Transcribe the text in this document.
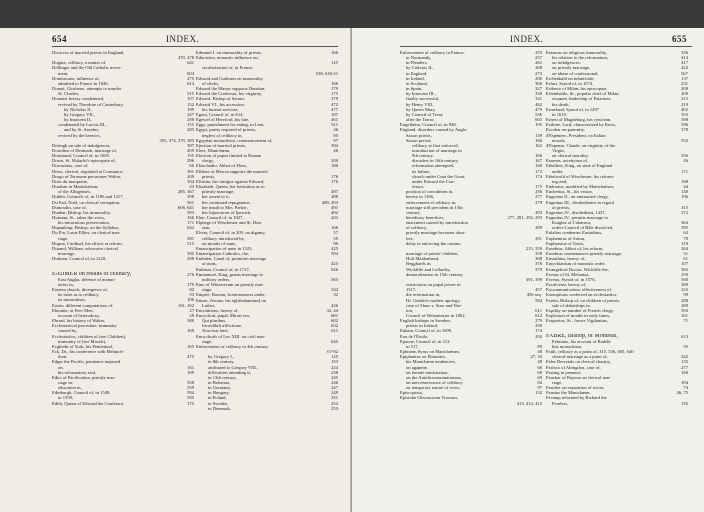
654	INDEX.
Divorces of married priests in England,
470, 478
Dogma, celibacy, a matter of,	641
Döllinger and the Old Catholic move-
ment,	604
Dominicans, influence of,	275
admitted to France in 1840,	614
Donati, Girolamo, attempts to murder
St. Charles,	515
Donatist heresy condemned,	107
revived by Theodore of Canterbury,	152
by Nicholas II.,	199
by Gregory VII.,	247
by Innocent II.,	298
condemned by Lucius III.,	155
and by St. Anselm,	283
revived by the heretics,
355, 374, 379, 383
Döringk on sale of indulgences,	397
Dorothea of Denmark, marriage of,	459
Dortmund, Council of, in 1005,	155
Down, St. Malachi's episcopate of,	296
Dracontius, case of,	66
Dress, clerical, regulated at Constance,	391
Drogo of Terouane persecutes Walter,	209
Droit du marquette,	354
Dualism in Manichæism,	43
of the Albigenses,	285, 367
Dublin, Councils of, in 1186 and 1217,	298
Du Fail, Noël, on clerical corruption,	561
Dumoulin, case of,	606, 641
Dunbar, Bishop, his immorality,	593
Dunstan, St., takes the vows,	166
his miraculous preservation,	171
Dupanloup, Bishop, on the Syllabus,	642
Du Pin, Louis Ellies, on clerical mar-
riage,	581
Duprat, Cardinal, his efforts at reform,	515
Durand, William, advocates clerical
marriage,	395
Durham, Council of, in 1220,	298
EADMER on results of celibacy,	276
East Anglia, defence of monas-
teries in,	179
Eastern church, divergence of,	82
its rules as to celibacy,	93
its monachism,	106
Easter, different computations of,	161, 162
Ebionite, or Peer Men,	27
account of heterodoxy,	28
Ebrard, his history of Walter,	380
Ecclesiastical procedure, immunity
caused by,	160
Ecclesiastics, children of (see Children),
immunity of (see Morals),
Ecgberht of York, his Penitential,	165
Eck, Dr., his conference with Melanch-
thon,	475
Edgar the Pacific, penitence imposed
on,	161
his reformatory zeal,	169
Edict of Pacification, priestly mar-
riage in,	558
education in,	559
Edinburgh, Council of, in 1549,	594
in 1559,	595
Edith, Queen of Edward the Confessor,	175
Edmund I. on immorality of priests,	166
Education, monastic influence on,
125
secularization of, in France,
538, 616-21
Edward and Guthrum on immorality
of clerks,	166
Edward the Martyr supports Dunstan,	179
Edward the Confessor, his virginity,	175
Edward, Bishop of Sarum,	379
Edward VI., his accession,	472
his funeral services,	477
Egara, Council of, in 614,	107
Egewel of Hereford, his fate,	461
Eggs, punishment for eating, in Lent,	511
Egypt, purity required of priests,	36
neglect of celibacy in,	85
Egyptian monachism, commencement of,	97
Ejection of married priests,	394
Elect, Manichæan,	46
Election of popes limited to Roman
clergy,	200
Eleuchadio, Abbot of Fleur,	180
Elfhere of Mercia supports the married
priests,	176
Elfritha, her intrigue against Edward,	176
Elizabeth, Queen, her hesitation as to
priestly marriage,	487
her assent to it,	488
her continued repugnance,	489, 493
her insult to Mrs. Parker,	491
her Injunctions of Ipswich,	492
Elne, Council of, in 1027,	203
Elphege of Winchester and St. Dun-
stan,	166
Elvira, Council of, in 305, on digamy,	57
celibacy introduced by,	59
on morals of nuns,	99
Emancipation of nuns in 1523,	425
Emancipation Catholics, the,	594
Embden, Canal of, promotes marriage
of nuns,	425
Embrun, Council of, in 1727,	626
Emmanuel, King, grants marriage to
military orders,	365
Emo of Wittewerum on priestly mar-
riage,	334
Empire, Roman, licentiousness under,	32
Emser, Jerome, his ep[ithalamium] on
Luther,	426
Encratitions, heresy of,	32, 44
Encyclical, papal, Mirari vos,	601
Qui pluribus,	602
Incredibili afflictione,	632
Noscisus latet,	611
Encyclicals of Leo XIII. on civil mar-
riage,	645
Enforcement of celibacy in 4th century,
67-82
by Gregory I.,	125
in 8th century,	153
attributed to Gregory VIII.,	224
difficulties attending it,	238
in 13th century,	245
in Bohemia,	246
in Germany,	247
in Hungary,	249
in Poland,	251
in Sweden,	252
in Denmark,	253
INDEX.	655
Enforcement of celibacy in France,	255
in Normandy,	257
in Flanders,	261
by Calixtus II.,	268
in England,	273
in Ireland,	296
in Scotland,	300
in Spain,	327
by Innocent III.,	330
finally successful,	331
by Henry VIII.,	462
by Queen Mary,	479
by Council of Trent,	536
after the Terror,	603
Engelheim, Council of, in 948,	195
England, disorders caused by Anglo-
Saxon priests,	139
Saxon period,	166
celibacy at first enforced,	162
introduction of marriage in
9th century,	166
disorders in 10th century,	167
reformation attempted,	168
its failure,	172
church under Cnut the Great,	174
under Edward the Con-
fessor,	175
position of concubines in,	256
heresy in 1166,	277
enforcement of celibacy in,	279
marriage still prevalent in 13th
century,	293
hereditary benefices,	277, 281, 292, 293
enactment caused by introduction
of celibacy,	289
priestly marriage becomes obso-
lete,	291
delay in enforcing the canons,
215, 359
marriage of priests' children,	358
Holt Maidenhead,	308
Beggbards in,	376
Wickliffe and Lollardry,	379
demoralization in 15th century,
391, 399
restrictions on papal power in
1517,	457
the reformation in,	456 seq.
Dr. Geddes's modest apology,	584
case of Shaw v. Starr and Nor-
ton,	611
Council of Westminster in 1862,	612
English bishops in Sweden,	279
priests in Ireland,	290
Enham, Council of, in 1009,	174
Eon de l'Étoile,	292
Epaone, Council of, in 512
in 517,	89
Ephraem Syrus on Manichæism,	48
Epiphanius on Ebionites,	27, 34
his Manichæan tendencies,	48
on agapetæ,	66
on female ministration,	68
on the Antidicomarianitarians,	69
on non-observance of celibacy,	84
on temporary nature of vows,	97
Episcopissa,	132
Epistolæ Obscurorum Virorum,
413, 414, 415
Erasmus on religious immorality,	356
his relation to the reformation,	414
on indulgences,	417
on priestly marriage,	422
on abuse of confessional,	567
Erchenbald on infanticide,	137
Erfurt, Synod of, in 1074,	231
Eriberto of Milan, his episcopate,	208
Erlembaldo, St., popular chief of Milan,	209
assumes leadership of Patarines,	215
his death,	219
Ermeland, Synod of, in 1497	402
in 1610,	555
Ernest of Magdeburg, his cynicism,	398
Erskine, Lord, characterized by Knox,	596
Escobar on paternity,	578
d'Espéneec, President, on Italian
morals,	552
d'Espense, Claude, on virginity of the
Virgin,
on clerical morality,	556
Essenes, asceticism of,	26
Ethelbert, King, on state of England
under,	171
Ethelwold of Winchester, his reform-
ing zeal,	168
Eudoxius, modified by Manichæism,	44
Eucherius, St., his vision,	130
Eugenius II., on unmarried clergy,	196
Eugenius III., disobedience in regard
of priests,	315
Eugenius IV., disobedient, 1437,	372
Eugenius IV., permits marriage to
Knights of Calatrava,	364
orders Council of Bâle dissolved,	395
Eulalius condemns Eustathius,	62
Euphemius of Autun,	70
Euphrasius of Tours,	119
Eusebius, Abbot of, his reform,	264
Eusebius countenances priestly marriage,	51
Eustathius, heresy of,	61
Eutychianism of monastic order,	107
Evangelical Doctor, Wickliffe the,	382
Evesus of St. Melanius,	259
Evreux, Synod of, in 1576,	560
Excalcensi, heresy of,	389
Excommunication, effectiveness of,	233
Exemptions conferred on ecclesiastics,	99
Exeter, Bishop of, on children of priests,	288
sale of abbotships in,	289
Expility on number of French clergy,	593
Explosion of monks in early times,	101
Exuperius, St., favors Vigilantius,	71
FABRE, Bishop, of Montreal,	613
Fabriano, his account of Buddh-
hist monachism,	95
Faith, celibacy as a point of, 315, 536, 605, 640
clerical marriage as a point of,	342
False Decretals on clerical chastity,	135
Farfaco of Abingdon, case of,	277
Fasting in penance,	160
Faucher of Bayeux on clerical mar-
riage,	394
Faucher on separation of wives,	74
Faustus the Manichæan,	46, 75
Fecamp reformed by Richard the
Fearless,	155
